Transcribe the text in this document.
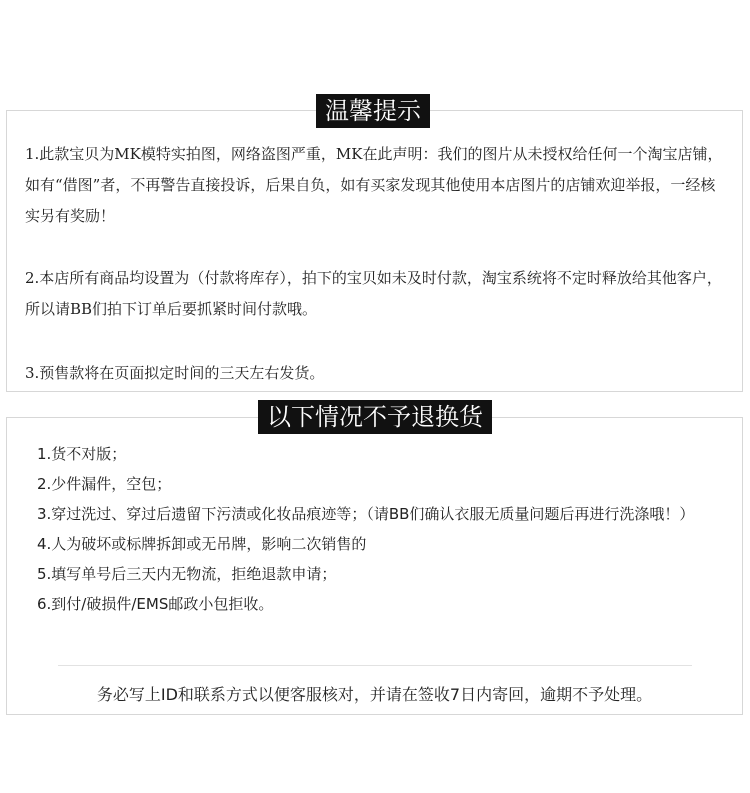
温馨提示

1.此款宝贝为MK模特实拍图，网络盗图严重，MK在此声明：我们的图片从未授权给任何一个淘宝店铺，如有“借图”者，不再警告直接投诉，后果自负，如有买家发现其他使用本店图片的店铺欢迎举报，一经核实另有奖励！

2.本店所有商品均设置为（付款将库存），拍下的宝贝如未及时付款，淘宝系统将不定时释放给其他客户，所以请BB们拍下订单后要抓紧时间付款哦。

3.预售款将在页面拟定时间的三天左右发货。

以下情况不予退换货
1.货不对版；
2.少件漏件，空包；
3.穿过洗过、穿过后遗留下污渍或化妆品痕迹等；（请BB们确认衣服无质量问题后再进行洗涤哦！）
4.人为破坏或标牌拆卸或无吊牌，影响二次销售的
5.填写单号后三天内无物流，拒绝退款申请；
6.到付/破损件/EMS邮政小包拒收。
务必写上ID和联系方式以便客服核对，并请在签收7日内寄回，逾期不予处理。
